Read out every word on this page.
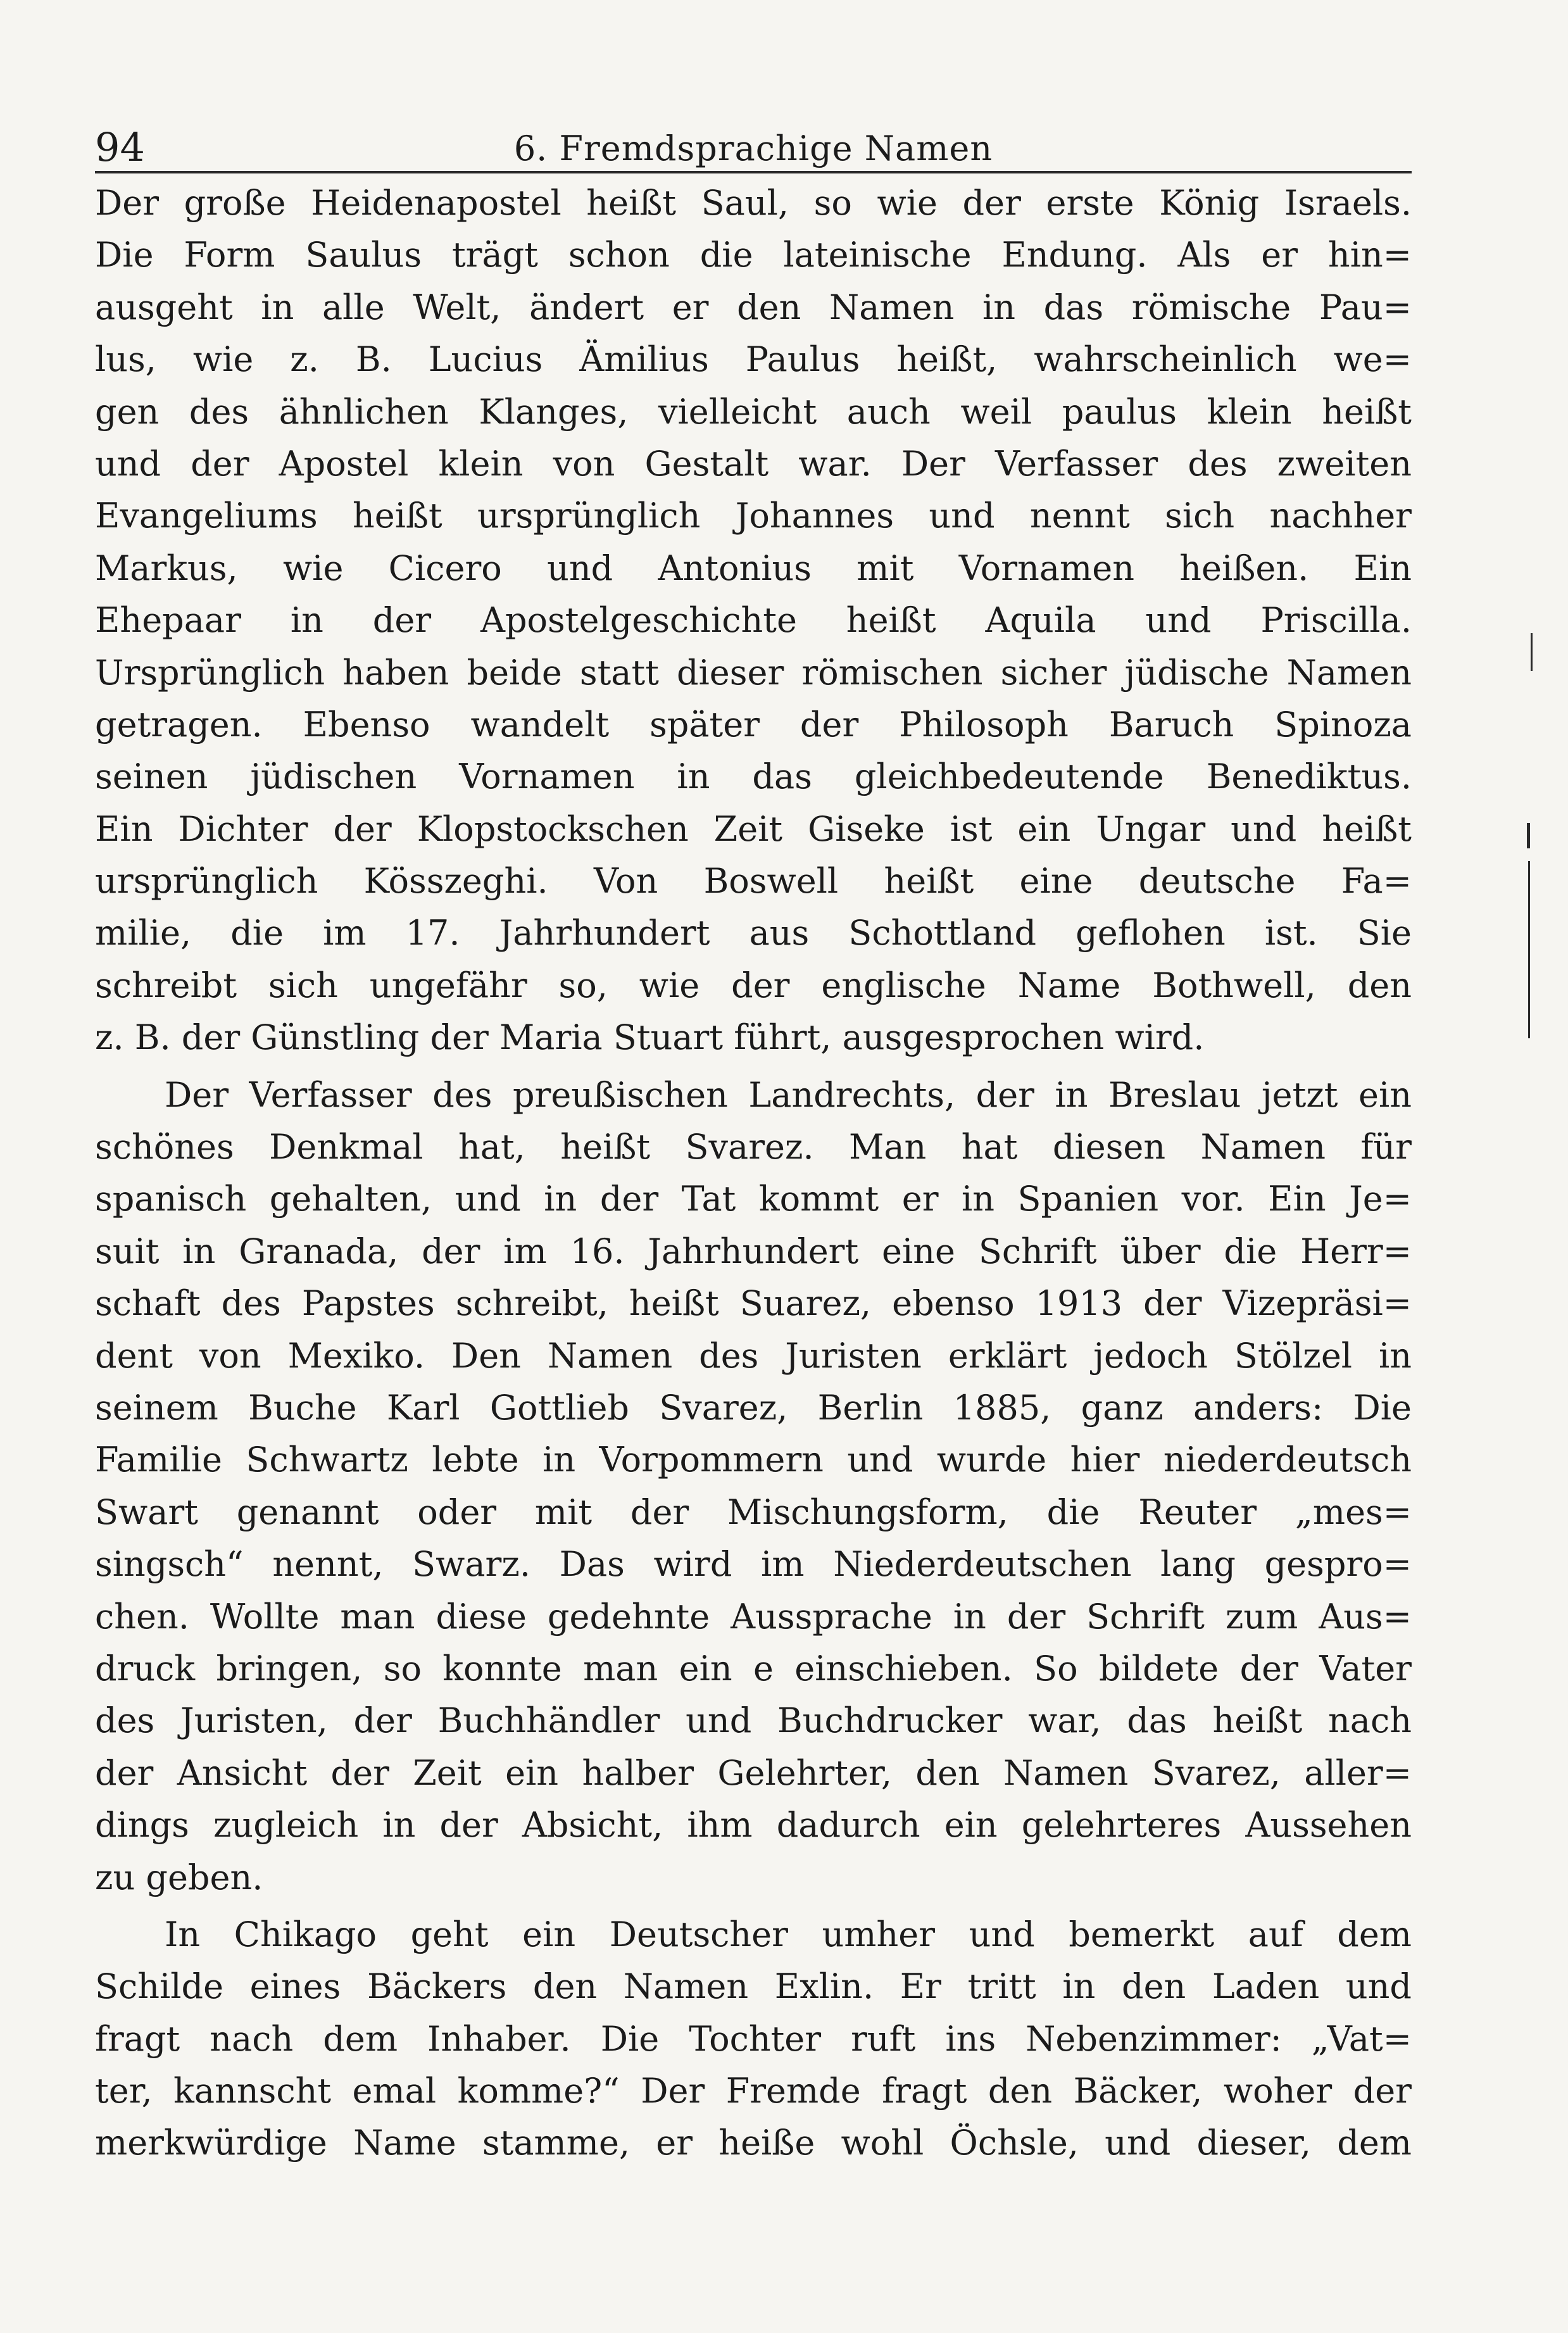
94	6. Fremdsprachige Namen
Der große Heidenapostel heißt Saul, so wie der erste König Israels.
Die Form Saulus trägt schon die lateinische Endung. Als er hin=
ausgeht in alle Welt, ändert er den Namen in das römische Pau=
lus, wie z. B. Lucius Ämilius Paulus heißt, wahrscheinlich we=
gen des ähnlichen Klanges, vielleicht auch weil paulus klein heißt
und der Apostel klein von Gestalt war. Der Verfasser des zweiten
Evangeliums heißt ursprünglich Johannes und nennt sich nachher
Markus, wie Cicero und Antonius mit Vornamen heißen. Ein
Ehepaar in der Apostelgeschichte heißt Aquila und Priscilla.
Ursprünglich haben beide statt dieser römischen sicher jüdische Namen
getragen. Ebenso wandelt später der Philosoph Baruch Spinoza
seinen jüdischen Vornamen in das gleichbedeutende Benediktus.
Ein Dichter der Klopstockschen Zeit Giseke ist ein Ungar und heißt
ursprünglich Kösszeghi. Von Boswell heißt eine deutsche Fa=
milie, die im 17. Jahrhundert aus Schottland geflohen ist. Sie
schreibt sich ungefähr so, wie der englische Name Bothwell, den
z. B. der Günstling der Maria Stuart führt, ausgesprochen wird.
Der Verfasser des preußischen Landrechts, der in Breslau jetzt ein
schönes Denkmal hat, heißt Svarez. Man hat diesen Namen für
spanisch gehalten, und in der Tat kommt er in Spanien vor. Ein Je=
suit in Granada, der im 16. Jahrhundert eine Schrift über die Herr=
schaft des Papstes schreibt, heißt Suarez, ebenso 1913 der Vizepräsi=
dent von Mexiko. Den Namen des Juristen erklärt jedoch Stölzel in
seinem Buche Karl Gottlieb Svarez, Berlin 1885, ganz anders: Die
Familie Schwartz lebte in Vorpommern und wurde hier niederdeutsch
Swart genannt oder mit der Mischungsform, die Reuter „mes=
singsch“ nennt, Swarz. Das wird im Niederdeutschen lang gespro=
chen. Wollte man diese gedehnte Aussprache in der Schrift zum Aus=
druck bringen, so konnte man ein e einschieben. So bildete der Vater
des Juristen, der Buchhändler und Buchdrucker war, das heißt nach
der Ansicht der Zeit ein halber Gelehrter, den Namen Svarez, aller=
dings zugleich in der Absicht, ihm dadurch ein gelehrteres Aussehen
zu geben.
In Chikago geht ein Deutscher umher und bemerkt auf dem
Schilde eines Bäckers den Namen Exlin. Er tritt in den Laden und
fragt nach dem Inhaber. Die Tochter ruft ins Nebenzimmer: „Vat=
ter, kannscht emal komme?“ Der Fremde fragt den Bäcker, woher der
merkwürdige Name stamme, er heiße wohl Öchsle, und dieser, dem
